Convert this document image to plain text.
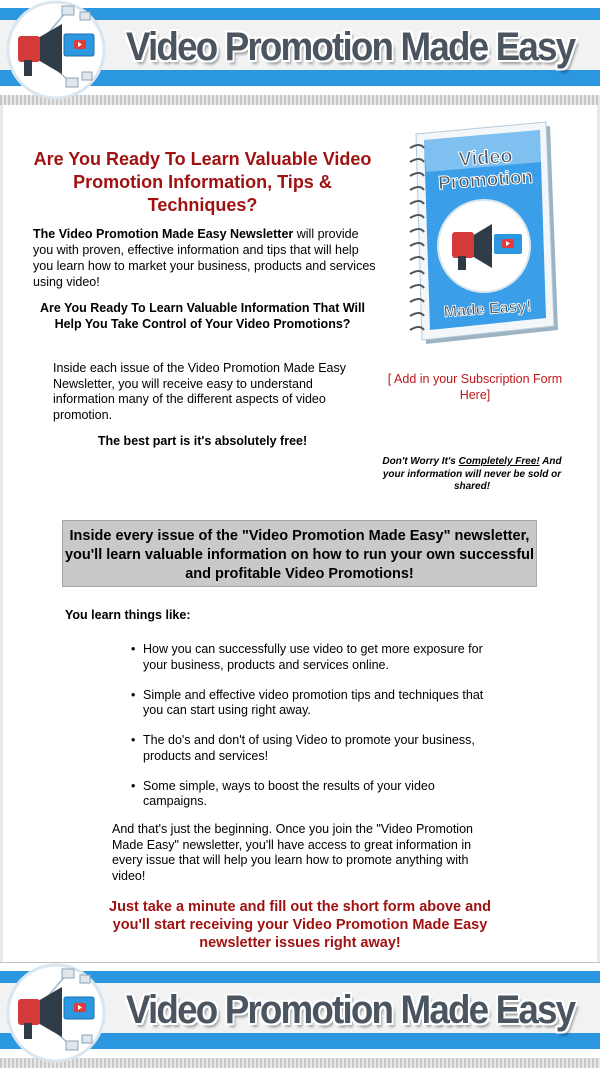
Video Promotion Made Easy
Are You Ready To Learn Valuable Video Promotion Information, Tips & Techniques?
The Video Promotion Made Easy Newsletter will provide you with proven, effective information and tips that will help you learn how to market your business, products and services using video!
Are You Ready To Learn Valuable Information That Will Help You Take Control of Your Video Promotions?
Inside each issue of the Video Promotion Made Easy Newsletter, you will receive easy to understand information many of the different aspects of video promotion.
The best part is it's absolutely free!
Video
Promotion
Made Easy!
[ Add in your Subscription Form Here]
Don't Worry It's Completely Free! And your information will never be sold or shared!
Inside every issue of the "Video Promotion Made Easy" newsletter, you'll learn valuable information on how to run your own successful and profitable Video Promotions!
You learn things like:
• How you can successfully use video to get more exposure for your business, products and services online.
• Simple and effective video promotion tips and techniques that you can start using right away.
• The do's and don't of using Video to promote your business, products and services!
• Some simple, ways to boost the results of your video campaigns.
And that's just the beginning. Once you join the "Video Promotion Made Easy" newsletter, you'll have access to great information in every issue that will help you learn how to promote anything with video!
Just take a minute and fill out the short form above and you'll start receiving your Video Promotion Made Easy newsletter issues right away!
Video Promotion Made Easy
